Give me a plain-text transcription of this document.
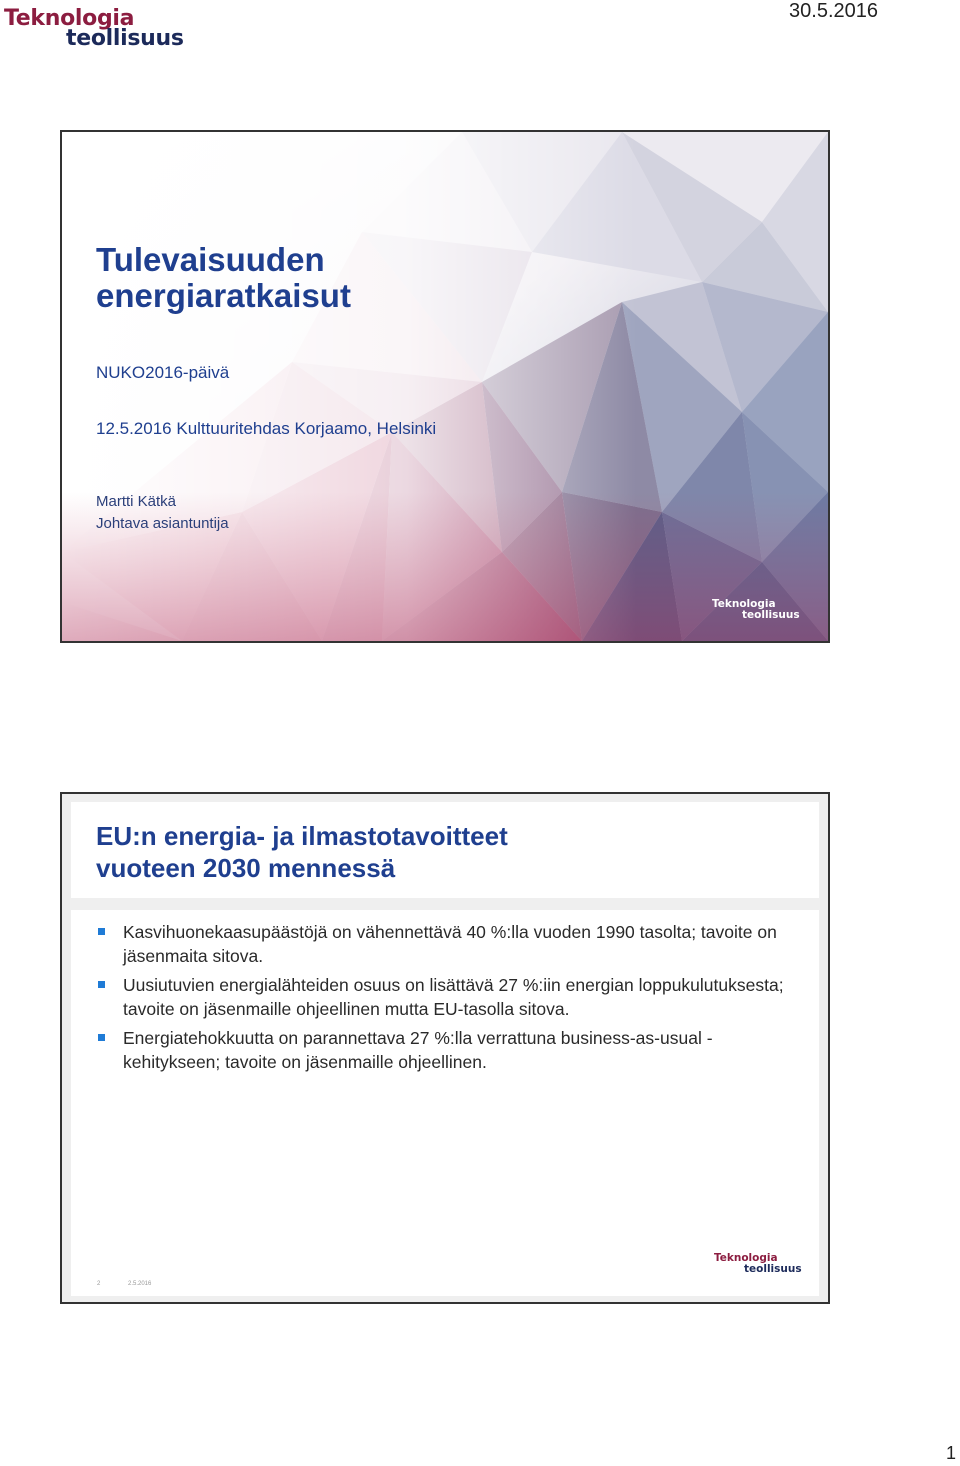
Teknologia
teollisuus
30.5.2016
Tulevaisuuden energiaratkaisut

NUKO2016-päivä

12.5.2016 Kulttuuritehdas Korjaamo, Helsinki

Martti Kätkä
Johtava asiantuntija
Teknologia
teollisuus
EU:n energia- ja ilmastotavoitteet
vuoteen 2030 mennessä
Kasvihuonekaasupäästöjä on vähennettävä 40 %:lla vuoden 1990 tasolta; tavoite on jäsenmaita sitova.
Uusiutuvien energialähteiden osuus on lisättävä 27 %:iin energian loppukulutuksesta; tavoite on jäsenmaille ohjeellinen mutta EU-tasolla sitova.
Energiatehokkuutta on parannettava 27 %:lla verrattuna business-as-usual -kehitykseen; tavoite on jäsenmaille ohjeellinen.
2	2.5.2016
Teknologia
teollisuus
1
